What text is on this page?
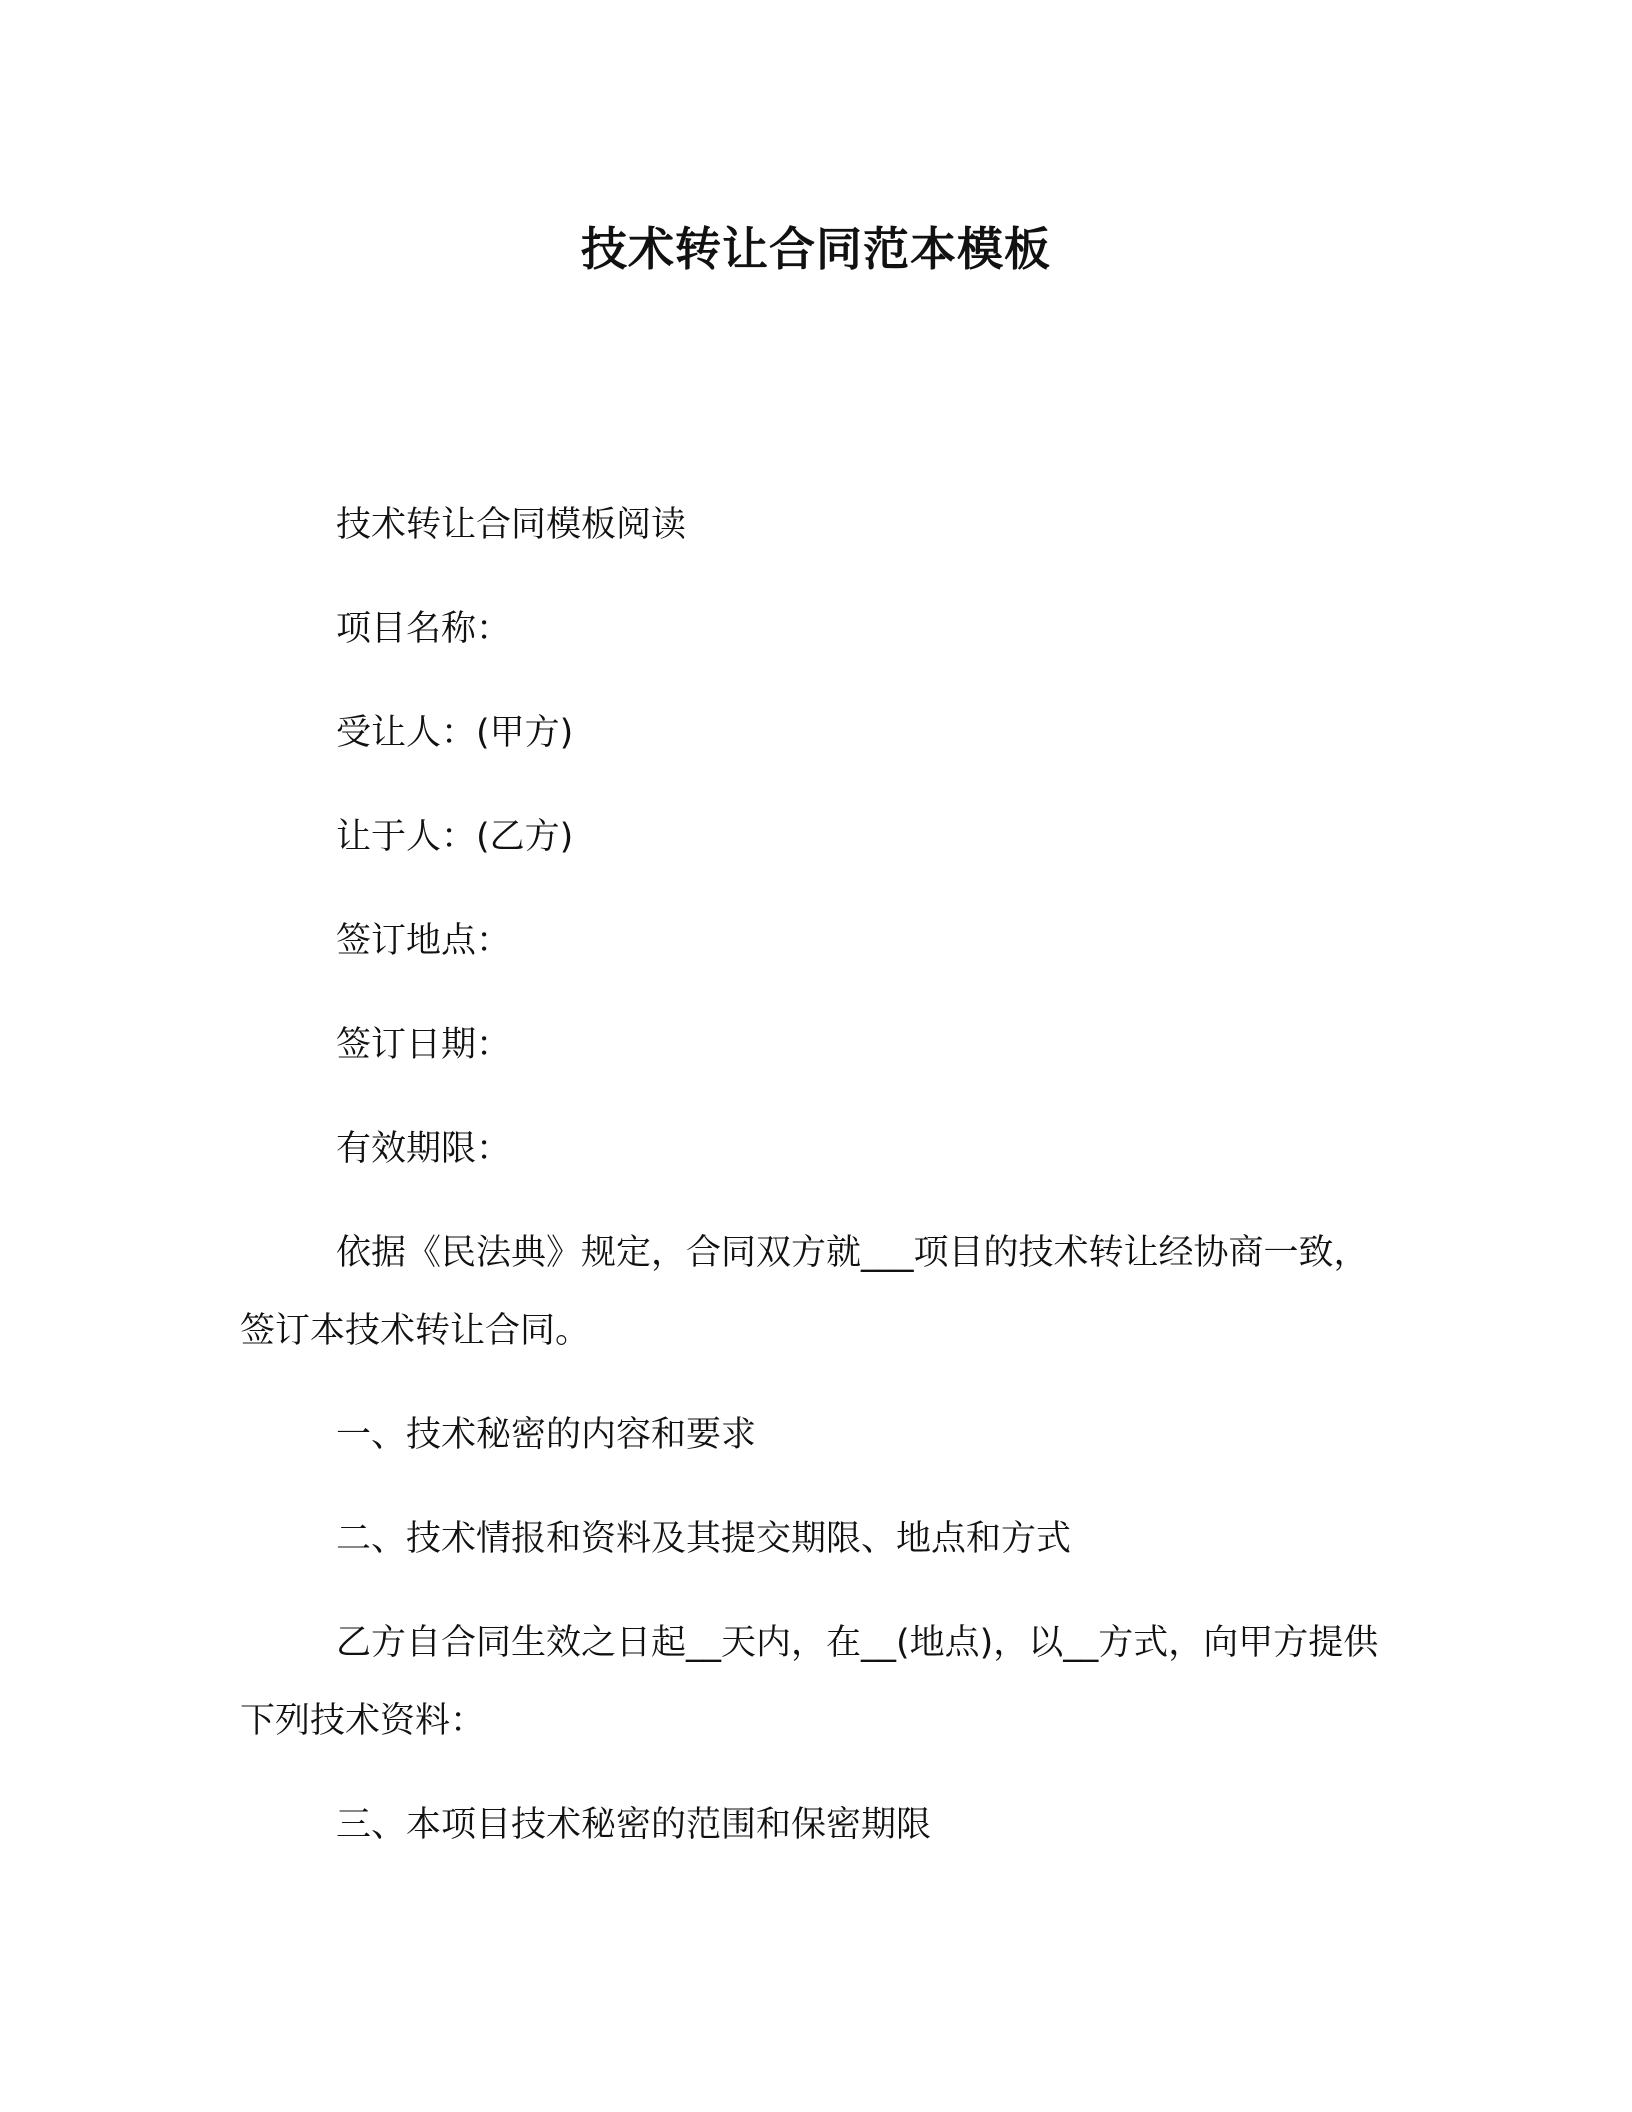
技术转让合同范本模板

技术转让合同模板阅读

项目名称：

受让人：(甲方)

让于人：(乙方)

签订地点：

签订日期：

有效期限：

依据《民法典》规定，合同双方就___项目的技术转让经协商一致，签订本技术转让合同。

一、技术秘密的内容和要求

二、技术情报和资料及其提交期限、地点和方式

乙方自合同生效之日起__天内，在__(地点)，以__方式，向甲方提供下列技术资料：

三、本项目技术秘密的范围和保密期限
